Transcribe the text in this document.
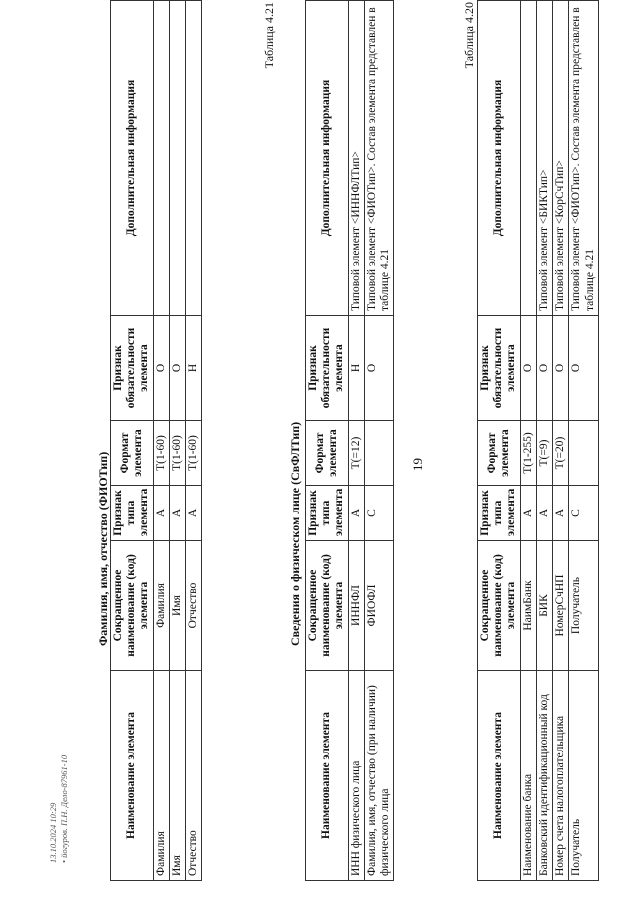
19
Таблица 4.20
Наименование элемента	Сокращенное наименование (код) элемента	Признак типа элемента	Формат элемента	Признак обязательности элемента	Дополнительная информация
Наименование банка	НаимБанк	А	T(1-255)	О	
Банковский идентификационный код	БИК	А	T(=9)	О	Типовой элемент <БИКТип>
Номер счета налогоплательщика	НомерСчНП	А	T(=20)	О	Типовой элемент <КорСчТип>
Получатель	Получатель	С		О	Типовой элемент <ФИОТип>. Состав элемента представлен в таблице 4.21
Сведения о физическом лице (СвФЛТип)
Таблица 4.21
Наименование элемента	Сокращенное наименование (код) элемента	Признак типа элемента	Формат элемента	Признак обязательности элемента	Дополнительная информация
ИНН физического лица	ИННФЛ	А	T(=12)	Н	Типовой элемент <ИННФЛТип>
Фамилия, имя, отчество (при наличии) физического лица	ФИОФЛ	С		О	Типовой элемент <ФИОТип>. Состав элемента представлен в таблице 4.21
Фамилия, имя, отчество (ФИОТип)
Наименование элемента	Сокращенное наименование (код) элемента	Признак типа элемента	Формат элемента	Признак обязательности элемента	Дополнительная информация
Фамилия	Фамилия	А	T(1-60)	О	
Имя	Имя	А	T(1-60)	О	
Отчество	Отчество	А	T(1-60)	Н	
13.10.2024 10:29 • йогуров. П.Н. Дело-87961-10
